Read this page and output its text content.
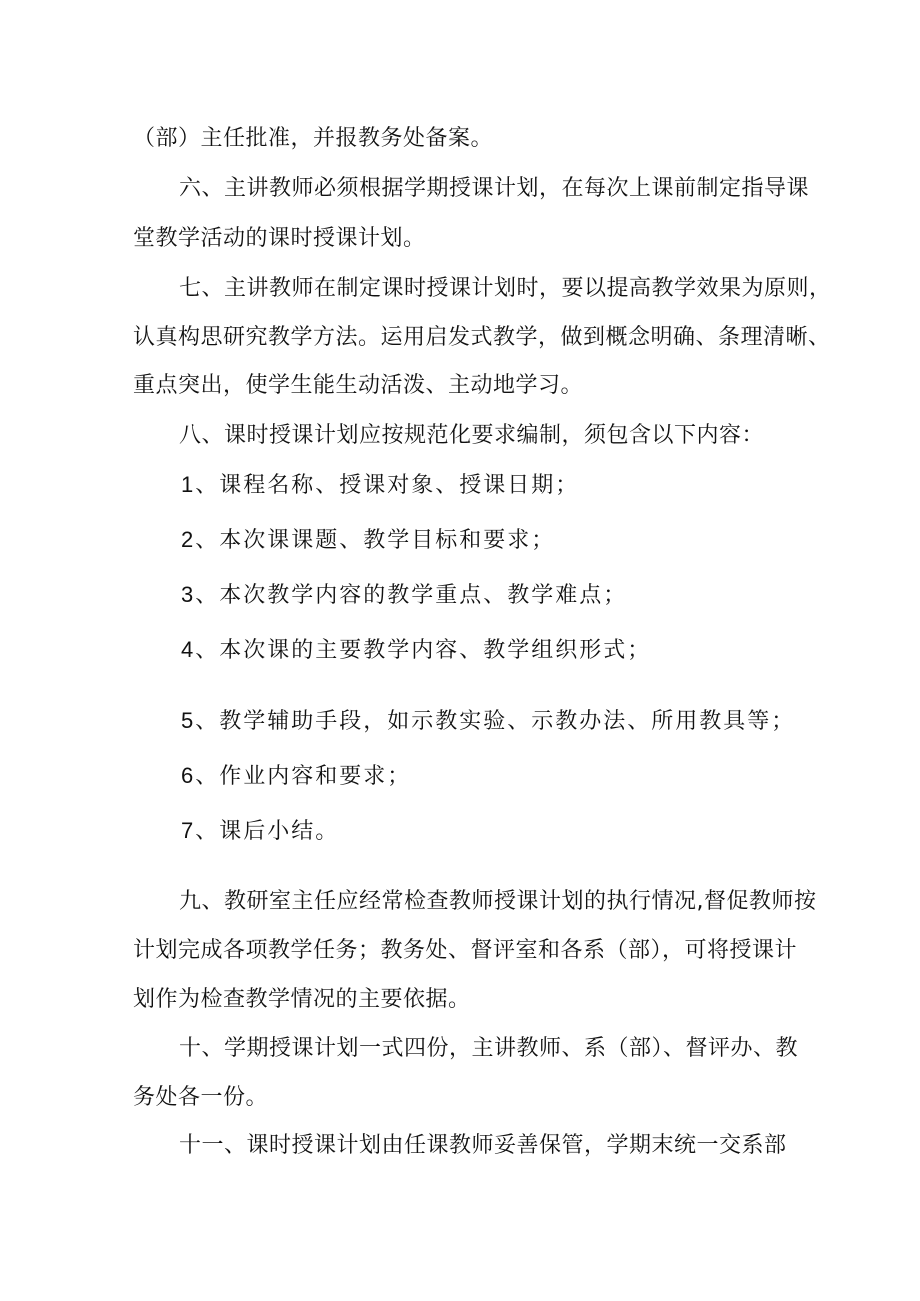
（部）主任批准，并报教务处备案。
六、主讲教师必须根据学期授课计划，在每次上课前制定指导课
堂教学活动的课时授课计划。
七、主讲教师在制定课时授课计划时，要以提高教学效果为原则，
认真构思研究教学方法。运用启发式教学，做到概念明确、条理清晰、
重点突出，使学生能生动活泼、主动地学习。
八、课时授课计划应按规范化要求编制，须包含以下内容：
1、课程名称、授课对象、授课日期；
2、本次课课题、教学目标和要求；
3、本次教学内容的教学重点、教学难点；
4、本次课的主要教学内容、教学组织形式；
5、教学辅助手段，如示教实验、示教办法、所用教具等；
6、作业内容和要求；
7、课后小结。
九、教研室主任应经常检查教师授课计划的执行情况,督促教师按
计划完成各项教学任务；教务处、督评室和各系（部），可将授课计
划作为检查教学情况的主要依据。
十、学期授课计划一式四份，主讲教师、系（部）、督评办、教
务处各一份。
十一、课时授课计划由任课教师妥善保管，学期末统一交系部
